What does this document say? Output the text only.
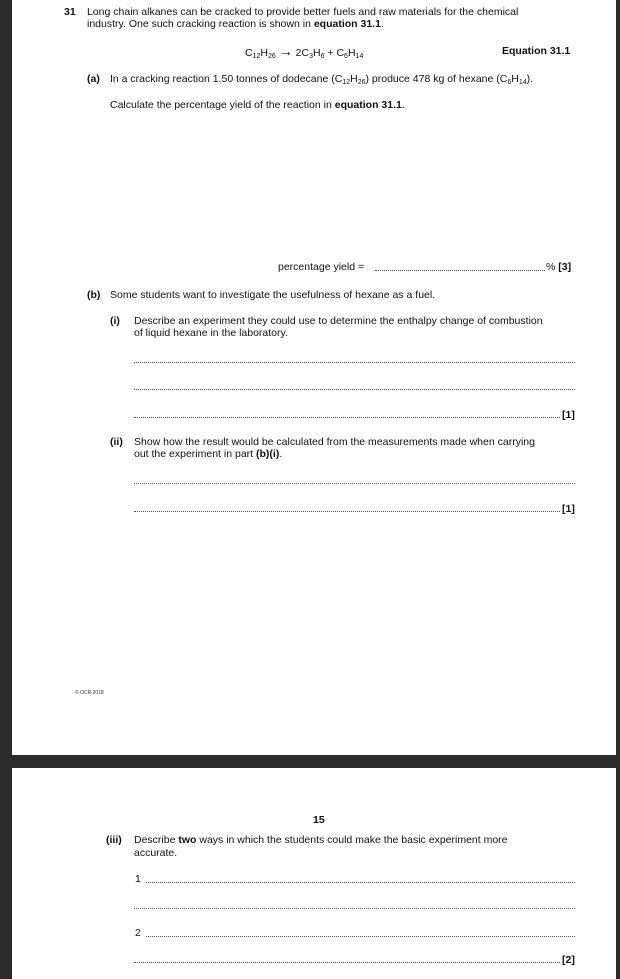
31 Long chain alkanes can be cracked to provide better fuels and raw materials for the chemical
industry. One such cracking reaction is shown in equation 31.1.
$C_{12}H_{26} \to 2C_3H_6 + C_6H_{14}$	Equation 31.1
(a) In a cracking reaction 1.50 tonnes of dodecane $(C_{12}H_{26})$ produce 478 kg of hexane $(C_6H_{14})$.
Calculate the percentage yield of the reaction in equation 31.1.
percentage yield =	% [3]
(b) Some students want to investigate the usefulness of hexane as a fuel.
(i) Describe an experiment they could use to determine the enthalpy change of combustion
of liquid hexane in the laboratory.
[1]
(ii) Show how the result would be calculated from the measurements made when carrying
out the experiment in part (b)(i).
[1]
© OCR 2018
15
(iii) Describe two ways in which the students could make the basic experiment more
accurate.
1
2
[2]
